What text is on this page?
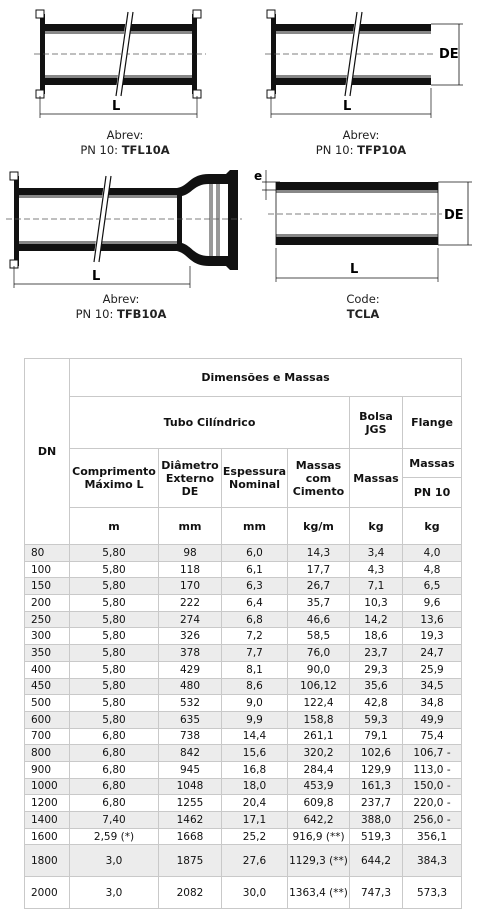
L
Abrev:
PN 10: TFL10A
DE
L
Abrev:
PN 10: TFP10A
L
Abrev:
PN 10: TFB10A
e
DE
L
Code:
TCLA
DN	Dimensões e Massas					
	Tubo Cilíndrico				Bolsa JGS	Flange
	Comprimento Máximo L	Diâmetro Externo DE	Espessura Nominal	Massas com Cimento	Massas	Massas
						PN 10
	m	mm	mm	kg/m	kg	kg
80	5,80	98	6,0	14,3	3,4	4,0
100	5,80	118	6,1	17,7	4,3	4,8
150	5,80	170	6,3	26,7	7,1	6,5
200	5,80	222	6,4	35,7	10,3	9,6
250	5,80	274	6,8	46,6	14,2	13,6
300	5,80	326	7,2	58,5	18,6	19,3
350	5,80	378	7,7	76,0	23,7	24,7
400	5,80	429	8,1	90,0	29,3	25,9
450	5,80	480	8,6	106,12	35,6	34,5
500	5,80	532	9,0	122,4	42,8	34,8
600	5,80	635	9,9	158,8	59,3	49,9
700	6,80	738	14,4	261,1	79,1	75,4
800	6,80	842	15,6	320,2	102,6	106,7 -
900	6,80	945	16,8	284,4	129,9	113,0 -
1000	6,80	1048	18,0	453,9	161,3	150,0 -
1200	6,80	1255	20,4	609,8	237,7	220,0 -
1400	7,40	1462	17,1	642,2	388,0	256,0 -
1600	2,59 (*)	1668	25,2	916,9 (**)	519,3	356,1
1800	3,0	1875	27,6	1129,3 (**)	644,2	384,3
2000	3,0	2082	30,0	1363,4 (**)	747,3	573,3
